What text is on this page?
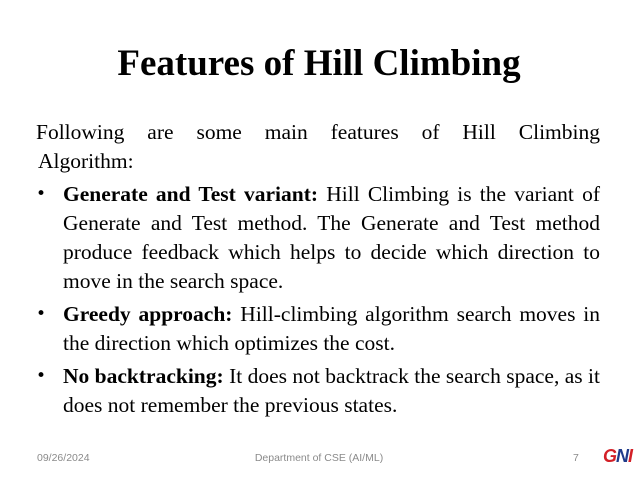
Features of Hill Climbing

Following are some main features of Hill Climbing

Algorithm:

• Generate and Test variant: Hill Climbing is the variant of Generate and Test method. The Generate and Test method produce feedback which helps to decide which direction to move in the search space.
• Greedy approach: Hill-climbing algorithm search moves in the direction which optimizes the cost.
• No backtracking: It does not backtrack the search space, as it does not remember the previous states.
09/26/2024	Department of CSE (AI/ML)	7 GNI
